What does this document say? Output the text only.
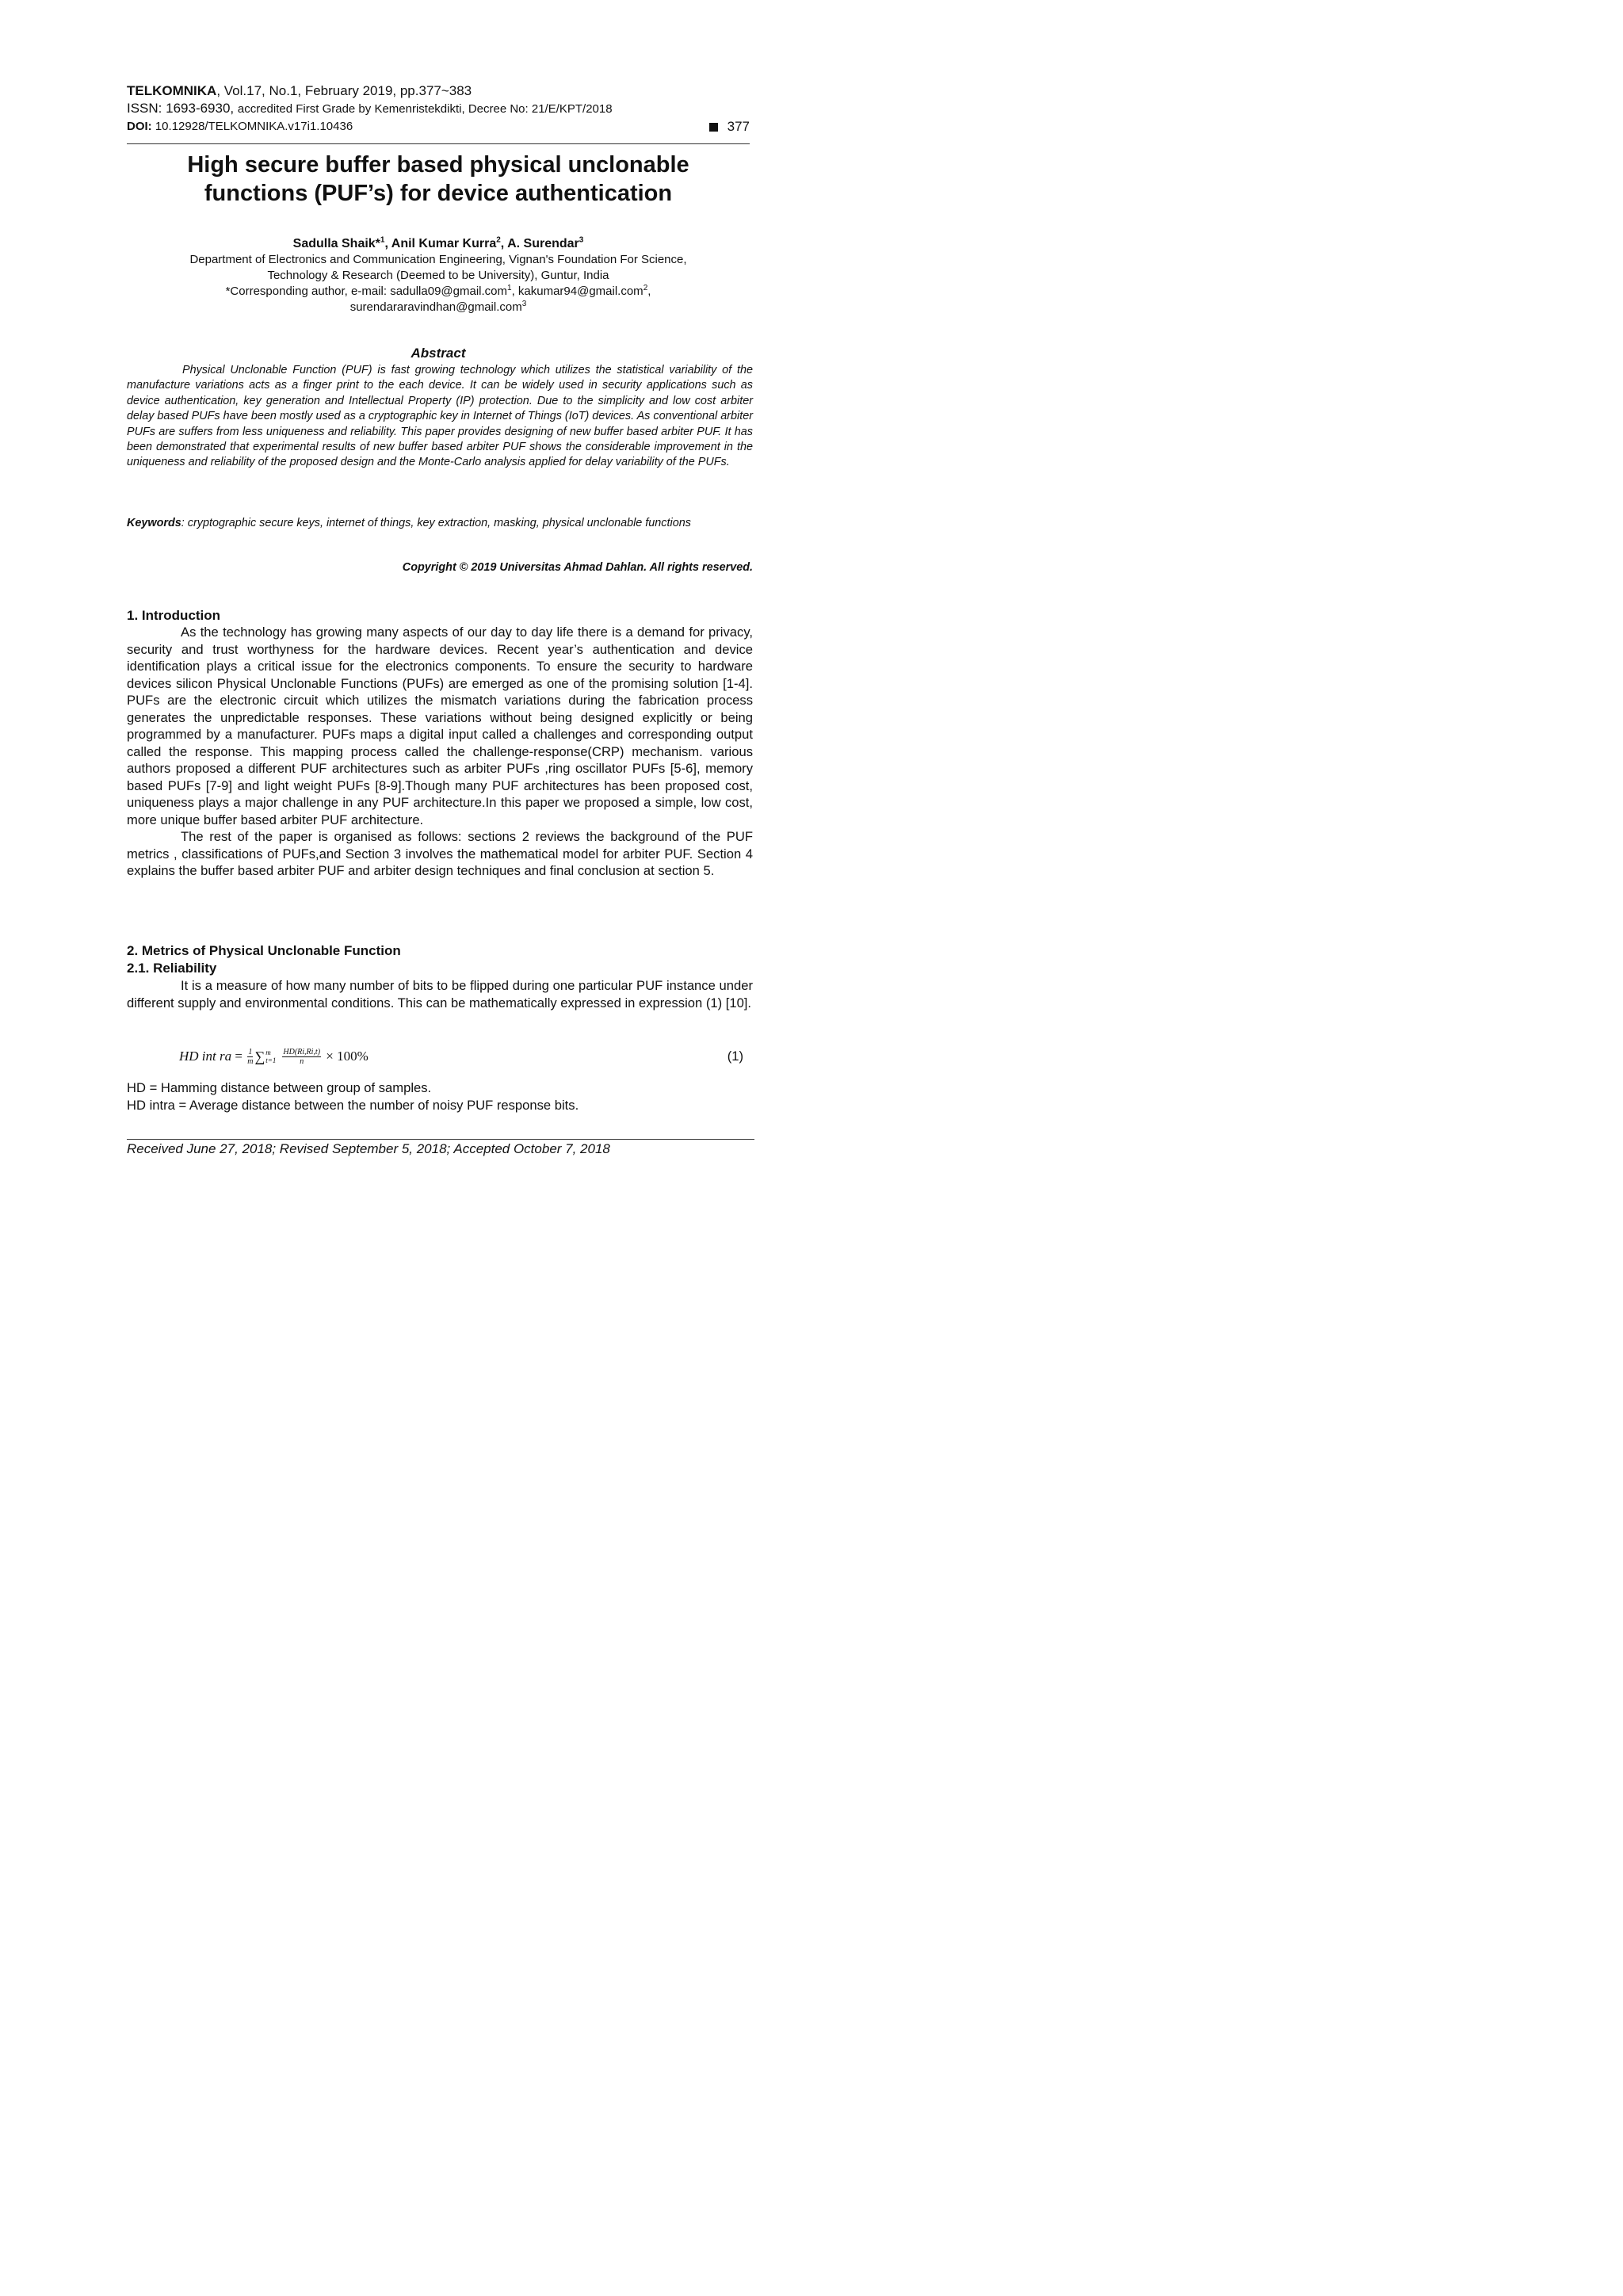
TELKOMNIKA, Vol.17, No.1, February 2019, pp.377~383
ISSN: 1693-6930, accredited First Grade by Kemenristekdikti, Decree No: 21/E/KPT/2018
DOI: 10.12928/TELKOMNIKA.v17i1.10436	377
High secure buffer based physical unclonable
functions (PUF’s) for device authentication
Sadulla Shaik*$^1$, Anil Kumar Kurra$^2$, A. Surendar$^3$
Department of Electronics and Communication Engineering, Vignan's Foundation For Science,
Technology & Research (Deemed to be University), Guntur, India
*Corresponding author, e-mail: sadulla09@gmail.com$^1$, kakumar94@gmail.com$^2$,
surendararavindhan@gmail.com$^3$
Abstract
Physical Unclonable Function (PUF) is fast growing technology which utilizes the statistical variability of the manufacture variations acts as a finger print to the each device. It can be widely used in security applications such as device authentication, key generation and Intellectual Property (IP) protection. Due to the simplicity and low cost arbiter delay based PUFs have been mostly used as a cryptographic key in Internet of Things (IoT) devices. As conventional arbiter PUFs are suffers from less uniqueness and reliability. This paper provides designing of new buffer based arbiter PUF. It has been demonstrated that experimental results of new buffer based arbiter PUF shows the considerable improvement in the uniqueness and reliability of the proposed design and the Monte-Carlo analysis applied for delay variability of the PUFs.
Keywords: cryptographic secure keys, internet of things, key extraction, masking, physical unclonable functions
Copyright © 2019 Universitas Ahmad Dahlan. All rights reserved.
1. Introduction

As the technology has growing many aspects of our day to day life there is a demand for privacy, security and trust worthyness for the hardware devices. Recent year’s authentication and device identification plays a critical issue for the electronics components. To ensure the security to hardware devices silicon Physical Unclonable Functions (PUFs) are emerged as one of the promising solution [1-4]. PUFs are the electronic circuit which utilizes the mismatch variations during the fabrication process generates the unpredictable responses. These variations without being designed explicitly or being programmed by a manufacturer. PUFs maps a digital input called a challenges and corresponding output called the response. This mapping process called the challenge-response(CRP) mechanism. various authors proposed a different PUF architectures such as arbiter PUFs ,ring oscillator PUFs [5-6], memory based PUFs [7-9] and light weight PUFs [8-9].Though many PUF architectures has been proposed cost, uniqueness plays a major challenge in any PUF architecture.In this paper we proposed a simple, low cost, more unique buffer based arbiter PUF architecture.

The rest of the paper is organised as follows: sections 2 reviews the background of the PUF metrics , classifications of PUFs,and Section 3 involves the mathematical model for arbiter PUF. Section 4 explains the buffer based arbiter PUF and arbiter design techniques and final conclusion at section 5.

2. Metrics of Physical Unclonable Function
2.1. Reliability

It is a measure of how many number of bits to be flipped during one particular PUF instance under different supply and environmental conditions. This can be mathematically expressed in expression (1) [10].

HD int ra = $\frac{1}{m}$ ∑ m
$t=1 \frac{HD(Ri,Ri,t)}{n} \times 100\%$	(1)
HD = Hamming distance between group of samples.
HD intra = Average distance between the number of noisy PUF response bits.
Received June 27, 2018; Revised September 5, 2018; Accepted October 7, 2018
